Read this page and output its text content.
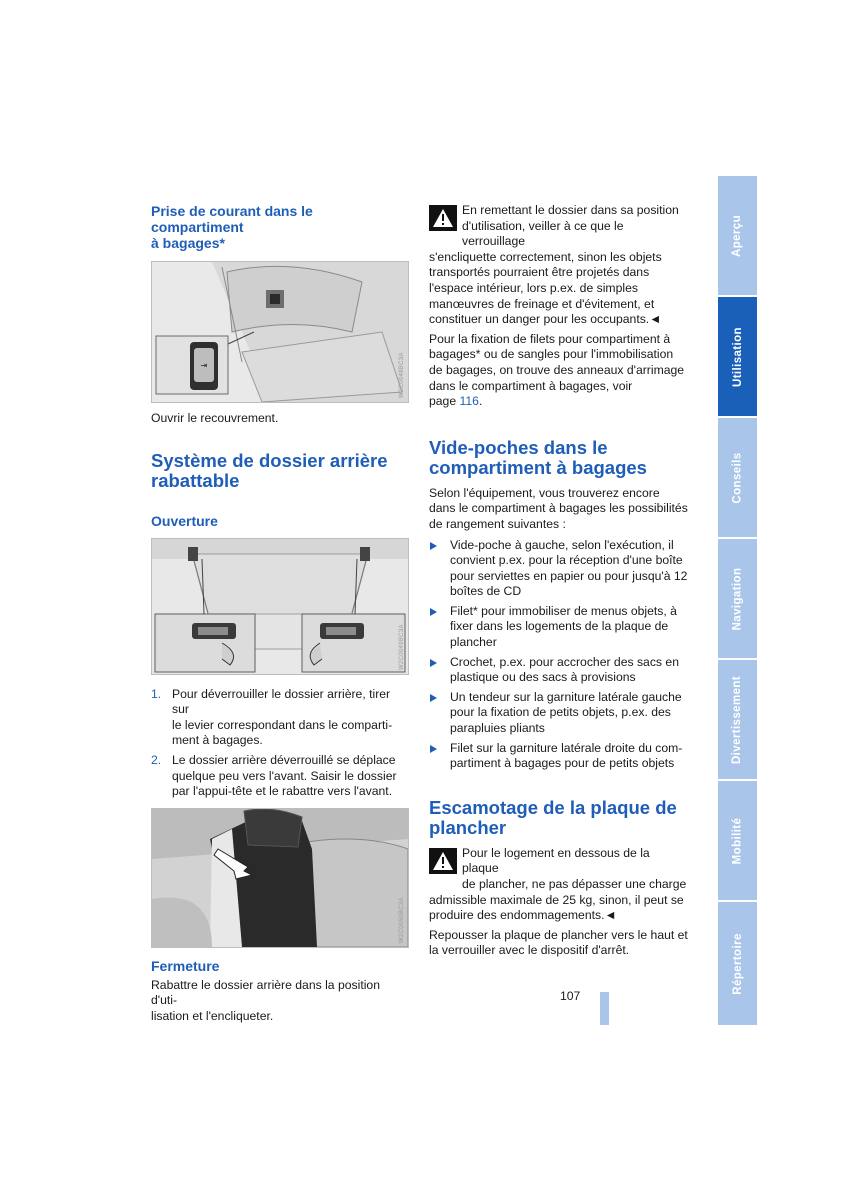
Prise de courant dans le compartiment

à bagages*

⇥	W2C0048BC3A

Ouvrir le recouvrement.

Système de dossier arrière

rabattable

Ouverture

W2C0049BC3A
1. Pour déverrouiller le dossier arrière, tirer sur
le levier correspondant dans le comparti-
ment à bagages.
2. Le dossier arrière déverrouillé se déplace
quelque peu vers l'avant. Saisir le dossier
par l'appui-tête et le rabattre vers l'avant.
W2C0050BC3A

Fermeture

Rabattre le dossier arrière dans la position d'uti-

lisation et l'encliqueter.

En remettant le dossier dans sa position

d'utilisation, veiller à ce que le verrouillage

s'encliquette correctement, sinon les objets

transportés pourraient être projetés dans

l'espace intérieur, lors p.ex. de simples

manœuvres de freinage et d'évitement, et

constituer un danger pour les occupants.◄

Pour la fixation de filets pour compartiment à

bagages* ou de sangles pour l'immobilisation

de bagages, on trouve des anneaux d'arrimage

dans le compartiment à bagages, voir

page 116.

Vide-poches dans le

compartiment à bagages

Selon l'équipement, vous trouverez encore

dans le compartiment à bagages les possibilités

de rangement suivantes :

Vide-poche à gauche, selon l'exécution, il
convient p.ex. pour la réception d'une boîte
pour serviettes en papier ou pour jusqu'à 12
boîtes de CD
Filet* pour immobiliser de menus objets, à
fixer dans les logements de la plaque de
plancher
Crochet, p.ex. pour accrocher des sacs en
plastique ou des sacs à provisions
Un tendeur sur la garniture latérale gauche
pour la fixation de petits objets, p.ex. des
parapluies pliants
Filet sur la garniture latérale droite du com-
partiment à bagages pour de petits objets

Escamotage de la plaque de

plancher

Pour le logement en dessous de la plaque

de plancher, ne pas dépasser une charge

admissible maximale de 25 kg, sinon, il peut se

produire des endommagements.◄

Repousser la plaque de plancher vers le haut et

la verrouiller avec le dispositif d'arrêt.

Aperçu
Utilisation
Conseils
Navigation
Divertissement
Mobilité
Répertoire
107
